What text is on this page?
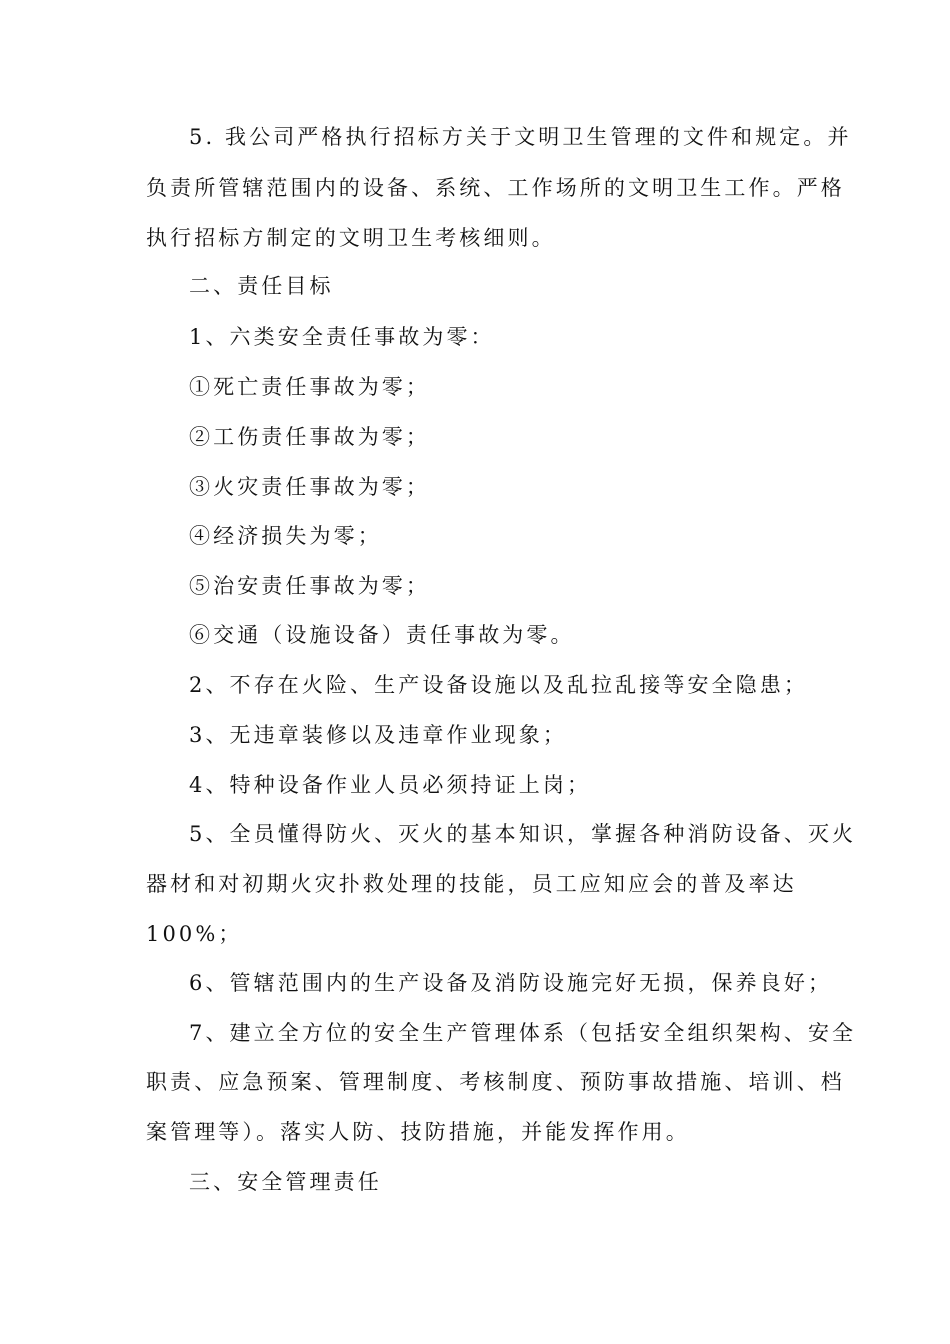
5. 我公司严格执行招标方关于文明卫生管理的文件和规定。并
负责所管辖范围内的设备、系统、工作场所的文明卫生工作。严格
执行招标方制定的文明卫生考核细则。
二、责任目标
1、六类安全责任事故为零：
①死亡责任事故为零；
②工伤责任事故为零；
③火灾责任事故为零；
④经济损失为零；
⑤治安责任事故为零；
⑥交通（设施设备）责任事故为零。
2、不存在火险、生产设备设施以及乱拉乱接等安全隐患；
3、无违章装修以及违章作业现象；
4、特种设备作业人员必须持证上岗；
5、全员懂得防火、灭火的基本知识，掌握各种消防设备、灭火
器材和对初期火灾扑救处理的技能，员工应知应会的普及率达
100%；
6、管辖范围内的生产设备及消防设施完好无损，保养良好；
7、建立全方位的安全生产管理体系（包括安全组织架构、安全
职责、应急预案、管理制度、考核制度、预防事故措施、培训、档
案管理等）。落实人防、技防措施，并能发挥作用。
三、安全管理责任
